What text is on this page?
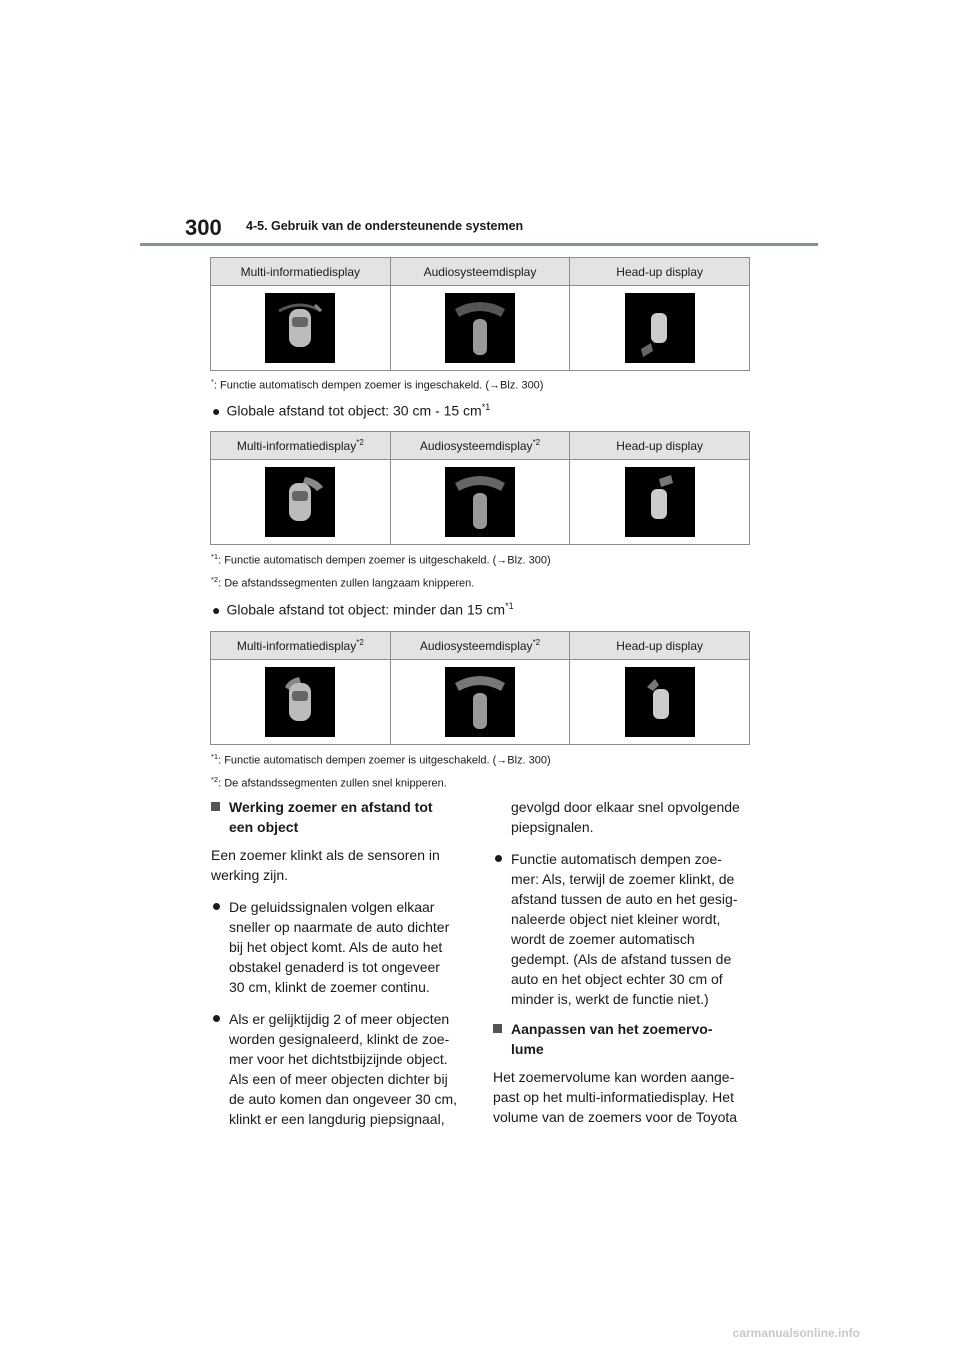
300 4-5. Gebruik van de ondersteunende systemen
Multi-informatiedisplay	Audiosysteemdisplay	Head-up display

*: Functie automatisch dempen zoemer is ingeschakeld. (→Blz. 300)
● Globale afstand tot object: 30 cm - 15 $cm^{*1}$
Multi-informatiedisplay$^{*2}$	Audiosysteemdisplay$^{*2}$	Head-up display

$^{*1}$: Functie automatisch dempen zoemer is uitgeschakeld. (→Blz. 300)
$^{*2}$: De afstandssegmenten zullen langzaam knipperen.
● Globale afstand tot object: minder dan 15 $cm^{*1}$
Multi-informatiedisplay$^{*2}$	Audiosysteemdisplay$^{*2}$	Head-up display

$^{*1}$: Functie automatisch dempen zoemer is uitgeschakeld. (→Blz. 300)
$^{*2}$: De afstandssegmenten zullen snel knipperen.

Werking zoemer en afstand tot
een object

Een zoemer klinkt als de sensoren in
werking zijn.

De geluidssignalen volgen elkaar
sneller op naarmate de auto dichter
bij het object komt. Als de auto het
obstakel genaderd is tot ongeveer
30 cm, klinkt de zoemer continu.

Als er gelijktijdig 2 of meer objecten
worden gesignaleerd, klinkt de zoe-
mer voor het dichtstbijzijnde object.
Als een of meer objecten dichter bij
de auto komen dan ongeveer 30 cm,
klinkt er een langdurig piepsignaal,

gevolgd door elkaar snel opvolgende
piepsignalen.

Functie automatisch dempen zoe-
mer: Als, terwijl de zoemer klinkt, de
afstand tussen de auto en het gesig-
naleerde object niet kleiner wordt,
wordt de zoemer automatisch
gedempt. (Als de afstand tussen de
auto en het object echter 30 cm of
minder is, werkt de functie niet.)

Aanpassen van het zoemervo-
lume

Het zoemervolume kan worden aange-
past op het multi-informatiedisplay. Het
volume van de zoemers voor de Toyota

carmanualsonline.info
